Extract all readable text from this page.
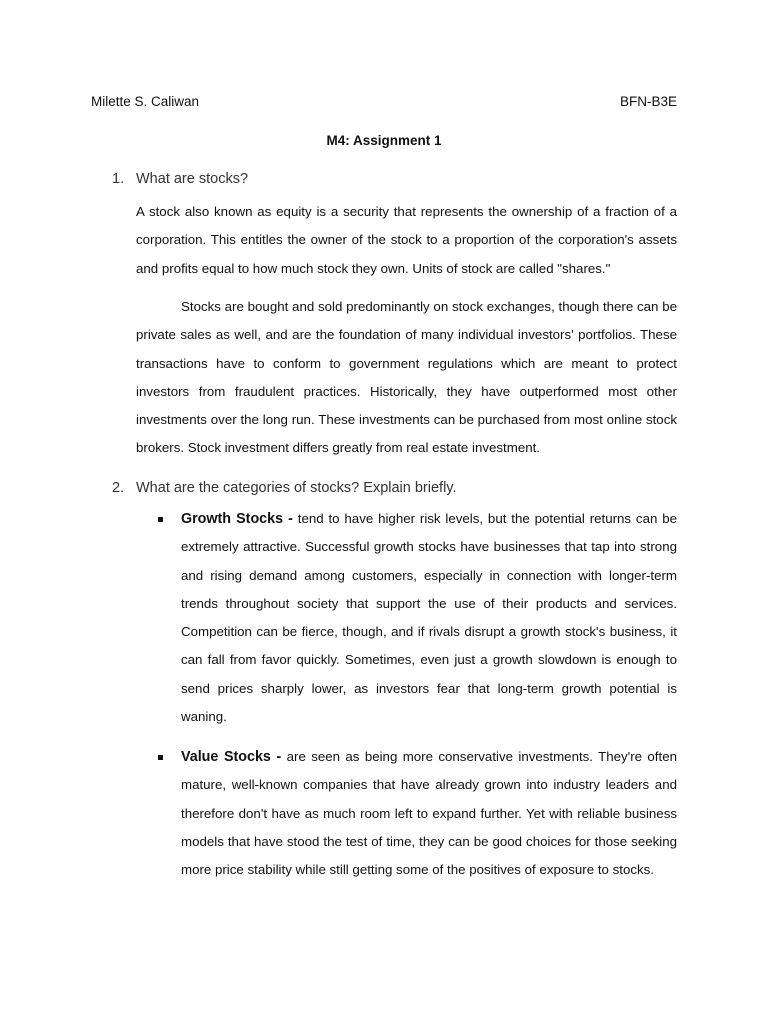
Milette S. Caliwan	BFN-B3E
M4: Assignment 1
1. What are stocks?

A stock also known as equity is a security that represents the ownership of a fraction of a corporation. This entitles the owner of the stock to a proportion of the corporation's assets and profits equal to how much stock they own. Units of stock are called "shares."

Stocks are bought and sold predominantly on stock exchanges, though there can be private sales as well, and are the foundation of many individual investors' portfolios. These transactions have to conform to government regulations which are meant to protect investors from fraudulent practices. Historically, they have outperformed most other investments over the long run. These investments can be purchased from most online stock brokers. Stock investment differs greatly from real estate investment.

2. What are the categories of stocks? Explain briefly.

Growth Stocks - tend to have higher risk levels, but the potential returns can be extremely attractive. Successful growth stocks have businesses that tap into strong and rising demand among customers, especially in connection with longer-term trends throughout society that support the use of their products and services. Competition can be fierce, though, and if rivals disrupt a growth stock's business, it can fall from favor quickly. Sometimes, even just a growth slowdown is enough to send prices sharply lower, as investors fear that long-term growth potential is waning.

Value Stocks - are seen as being more conservative investments. They're often mature, well-known companies that have already grown into industry leaders and therefore don't have as much room left to expand further. Yet with reliable business models that have stood the test of time, they can be good choices for those seeking more price stability while still getting some of the positives of exposure to stocks.
